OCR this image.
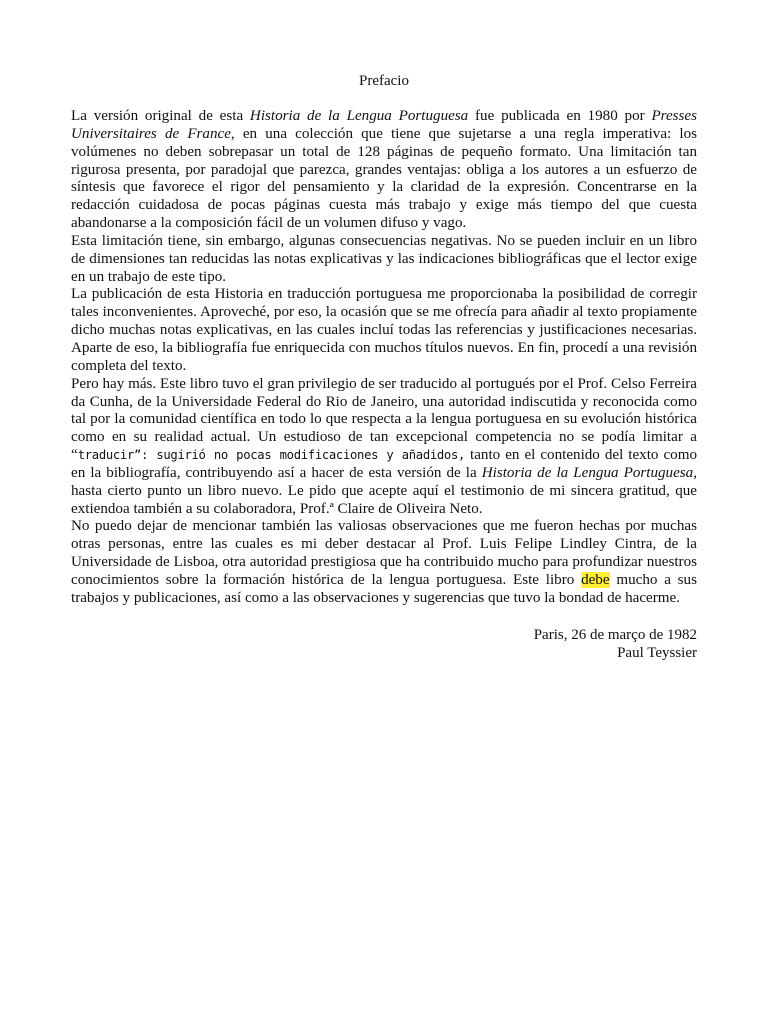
Prefacio

La versión original de esta Historia de la Lengua Portuguesa fue publicada en 1980 por Presses Universitaires de France, en una colección que tiene que sujetarse a una regla imperativa: los volúmenes no deben sobrepasar un total de 128 páginas de pequeño formato. Una limitación tan rigurosa presenta, por paradojal que parezca, grandes ventajas: obliga a los autores a un esfuerzo de síntesis que favorece el rigor del pensamiento y la claridad de la expresión. Concentrarse en la redacción cuidadosa de pocas páginas cuesta más trabajo y exige más tiempo del que cuesta abandonarse a la composición fácil de un volumen difuso y vago.

Esta limitación tiene, sin embargo, algunas consecuencias negativas. No se pueden incluir en un libro de dimensiones tan reducidas las notas explicativas y las indicaciones bibliográficas que el lector exige en un trabajo de este tipo.

La publicación de esta Historia en traducción portuguesa me proporcionaba la posibilidad de corregir tales inconvenientes. Aproveché, por eso, la ocasión que se me ofrecía para añadir al texto propiamente dicho muchas notas explicativas, en las cuales incluí todas las referencias y justificaciones necesarias. Aparte de eso, la bibliografía fue enriquecida con muchos títulos nuevos. En fin, procedí a una revisión completa del texto.

Pero hay más. Este libro tuvo el gran privilegio de ser traducido al portugués por el Prof. Celso Ferreira da Cunha, de la Universidade Federal do Rio de Janeiro, una autoridad indiscutida y reconocida como tal por la comunidad científica en todo lo que respecta a la lengua portuguesa en su evolución histórica como en su realidad actual. Un estudioso de tan excepcional competencia no se podía limitar a “traducir”: sugirió no pocas modificaciones y añadidos, tanto en el contenido del texto como en la bibliografía, contribuyendo así a hacer de esta versión de la Historia de la Lengua Portuguesa, hasta cierto punto un libro nuevo. Le pido que acepte aquí el testimonio de mi sincera gratitud, que extiendoa también a su colaboradora, Prof.ª Claire de Oliveira Neto.

No puedo dejar de mencionar también las valiosas observaciones que me fueron hechas por muchas otras personas, entre las cuales es mi deber destacar al Prof. Luis Felipe Lindley Cintra, de la Universidade de Lisboa, otra autoridad prestigiosa que ha contribuido mucho para profundizar nuestros conocimientos sobre la formación histórica de la lengua portuguesa. Este libro debe mucho a sus trabajos y publicaciones, así como a las observaciones y sugerencias que tuvo la bondad de hacerme.

Paris, 26 de março de 1982
Paul Teyssier
